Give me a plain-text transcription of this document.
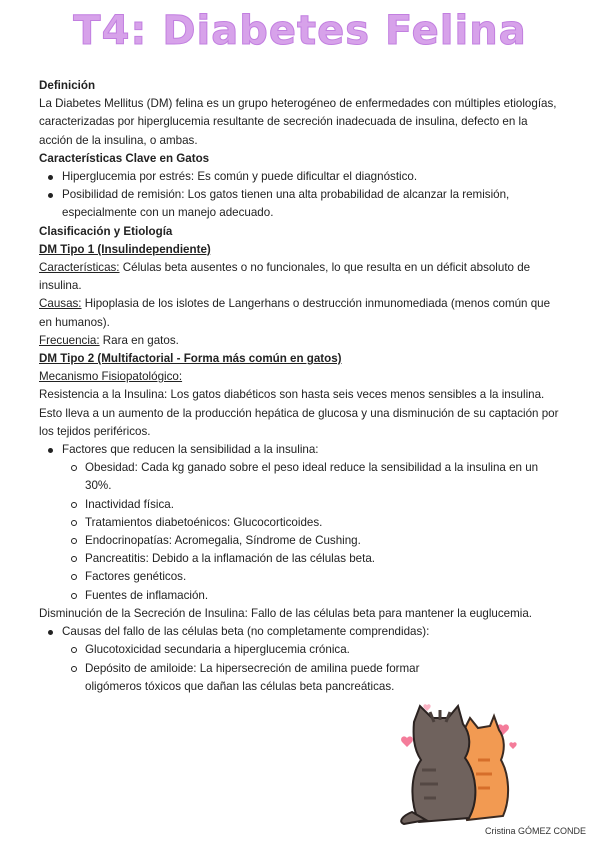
T4: Diabetes Felina

Definición

La Diabetes Mellitus (DM) felina es un grupo heterogéneo de enfermedades con múltiples etiologías, caracterizadas por hiperglucemia resultante de secreción inadecuada de insulina, defecto en la acción de la insulina, o ambas.

Características Clave en Gatos

Hiperglucemia por estrés: Es común y puede dificultar el diagnóstico.
Posibilidad de remisión: Los gatos tienen una alta probabilidad de alcanzar la remisión, especialmente con un manejo adecuado.

Clasificación y Etiología

DM Tipo 1 (Insulindependiente)

Características: Células beta ausentes o no funcionales, lo que resulta en un déficit absoluto de insulina.

Causas: Hipoplasia de los islotes de Langerhans o destrucción inmunomediada (menos común que en humanos).

Frecuencia: Rara en gatos.

DM Tipo 2 (Multifactorial - Forma más común en gatos)

Mecanismo Fisiopatológico:

Resistencia a la Insulina: Los gatos diabéticos son hasta seis veces menos sensibles a la insulina. Esto lleva a un aumento de la producción hepática de glucosa y una disminución de su captación por los tejidos periféricos.

Factores que reducen la sensibilidad a la insulina:
Obesidad: Cada kg ganado sobre el peso ideal reduce la sensibilidad a la insulina en un 30%.
Inactividad física.
Tratamientos diabetoénicos: Glucocorticoides.
Endocrinopatías: Acromegalia, Síndrome de Cushing.
Pancreatitis: Debido a la inflamación de las células beta.
Factores genéticos.
Fuentes de inflamación.

Disminución de la Secreción de Insulina: Fallo de las células beta para mantener la euglucemia.

Causas del fallo de las células beta (no completamente comprendidas):
Glucotoxicidad secundaria a hiperglucemia crónica.
Depósito de amiloide: La hipersecreción de amilina puede formar oligómeros tóxicos que dañan las células beta pancreáticas.
Cristina GÓMEZ CONDE
